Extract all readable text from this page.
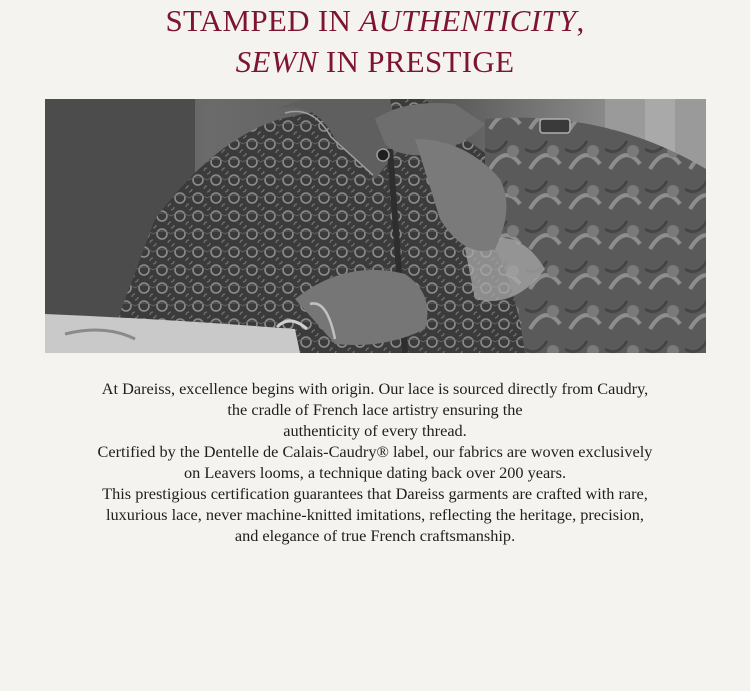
STAMPED IN AUTHENTICITY,
SEWN IN PRESTIGE
At Dareiss, excellence begins with origin. Our lace is sourced directly from Caudry,
the cradle of French lace artistry ensuring the
authenticity of every thread.
Certified by the Dentelle de Calais-Caudry® label, our fabrics are woven exclusively
on Leavers looms, a technique dating back over 200 years.
This prestigious certification guarantees that Dareiss garments are crafted with rare,
luxurious lace, never machine-knitted imitations, reflecting the heritage, precision,
and elegance of true French craftsmanship.
